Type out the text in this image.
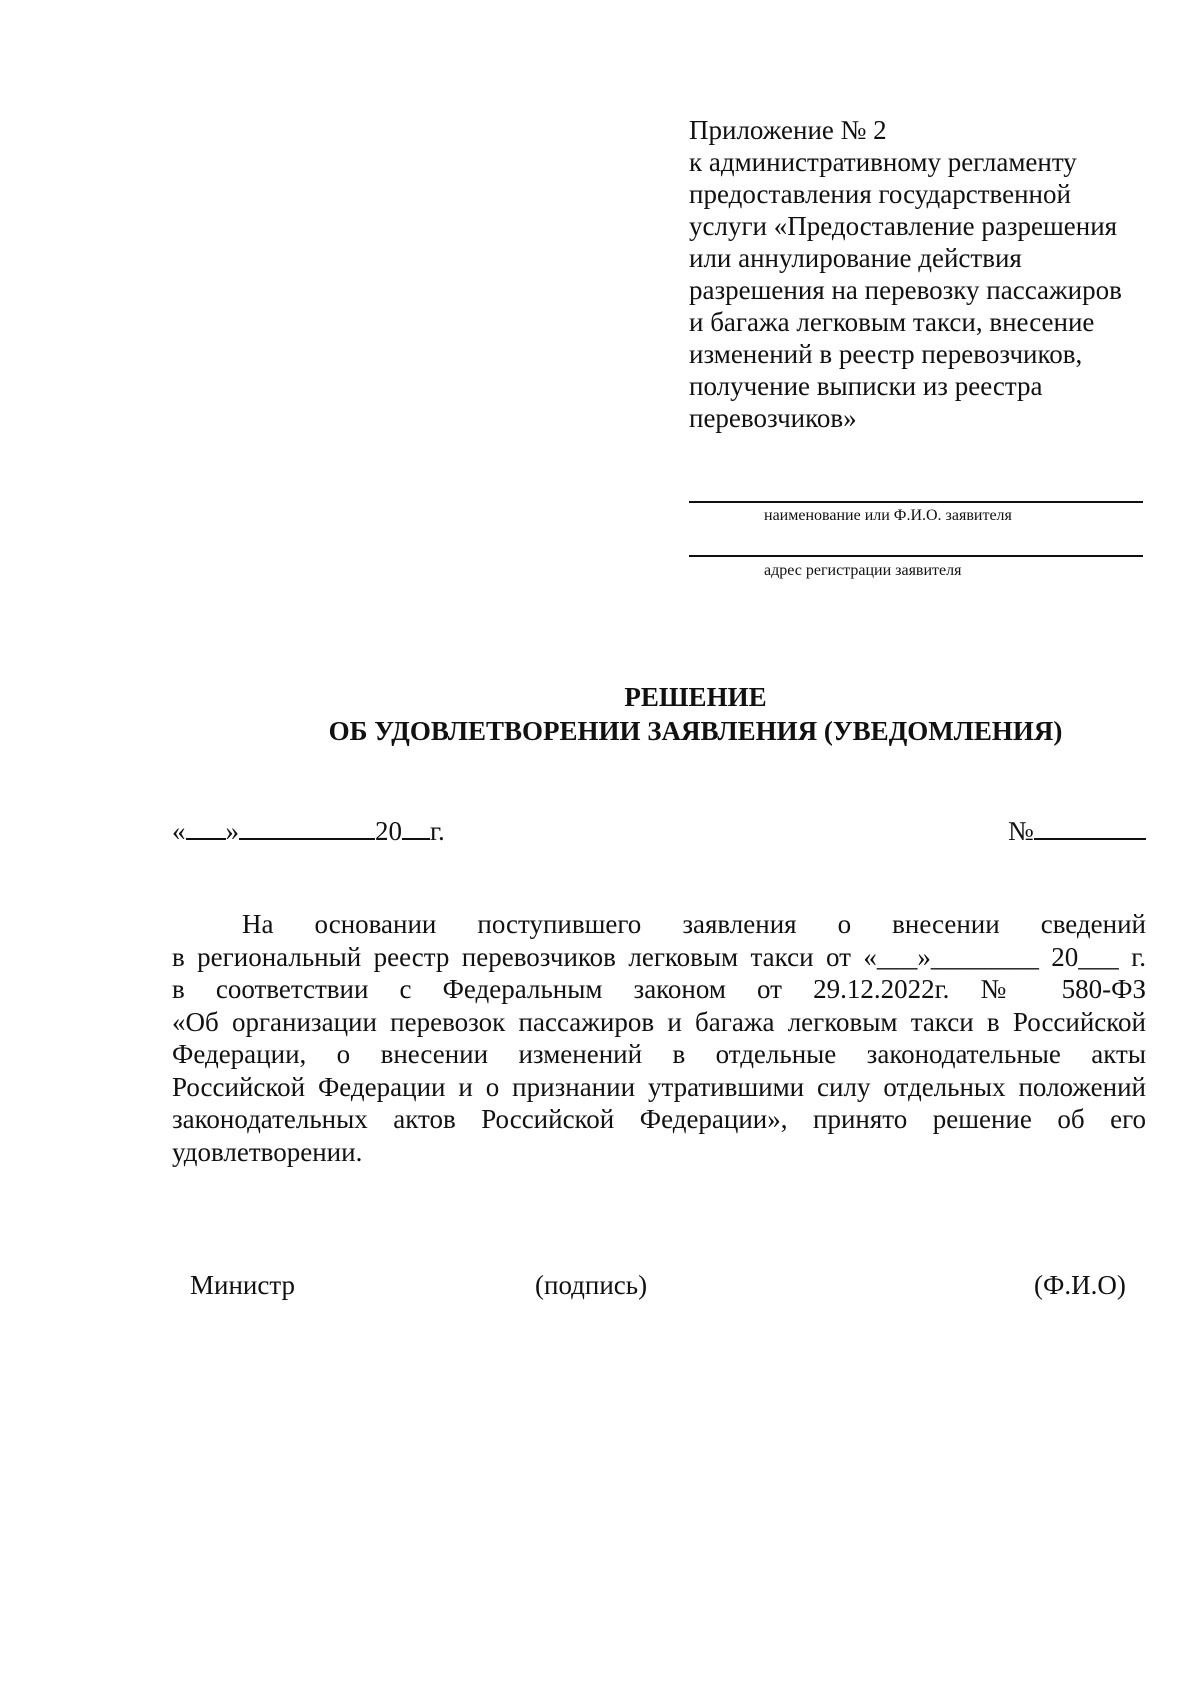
Приложение № 2
к административному регламенту
предоставления государственной
услуги «Предоставление разрешения
или аннулирование действия
разрешения на перевозку пассажиров
и багажа легковым такси, внесение
изменений в реестр перевозчиков,
получение выписки из реестра
перевозчиков»
наименование или Ф.И.О. заявителя
адрес регистрации заявителя
РЕШЕНИЕ
ОБ УДОВЛЕТВОРЕНИИ ЗАЯВЛЕНИЯ (УВЕДОМЛЕНИЯ)
« »	20 г.	№
На основании поступившего заявления о внесении сведений
в региональный реестр перевозчиков легковым такси от «___»________ 20___ г.
в соответствии с Федеральным законом от 29.12.2022г. № 580-ФЗ
«Об организации перевозок пассажиров и багажа легковым такси в Российской
Федерации, о внесении изменений в отдельные законодательные акты
Российской Федерации и о признании утратившими силу отдельных положений
законодательных актов Российской Федерации», принято решение об его
удовлетворении.
Министр	(подпись)	(Ф.И.О)
